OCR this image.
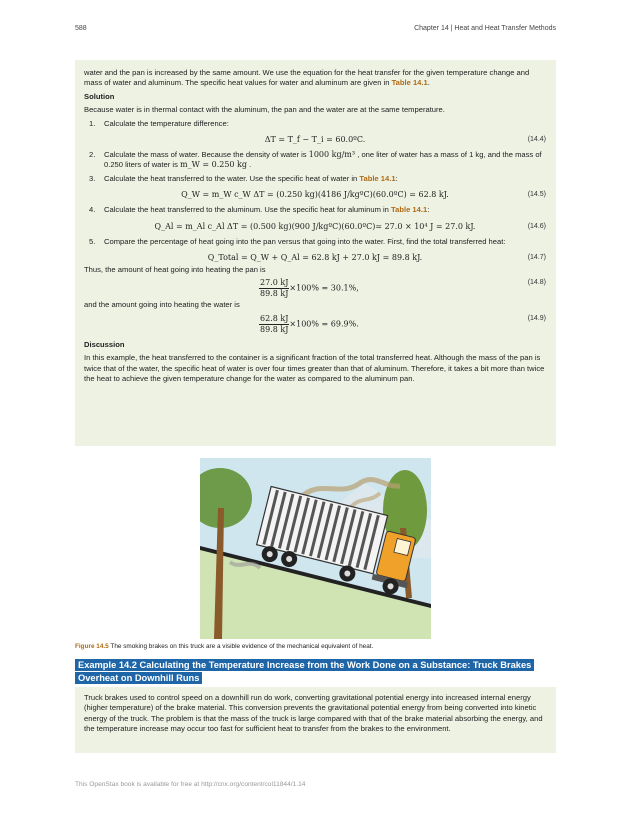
588	Chapter 14 | Heat and Heat Transfer Methods

water and the pan is increased by the same amount. We use the equation for the heat transfer for the given temperature change and mass of water and aluminum. The specific heat values for water and aluminum are given in Table 14.1.

Solution

Because water is in thermal contact with the aluminum, the pan and the water are at the same temperature.

1. Calculate the temperature difference:
ΔT = T_f − T_i = 60.0ºC.	(14.4)
2. Calculate the mass of water. Because the density of water is 1000 kg/m³ , one liter of water has a mass of 1 kg, and the mass of 0.250 liters of water is m_W = 0.250 kg .
3. Calculate the heat transferred to the water. Use the specific heat of water in Table 14.1:
Q_W = m_W c_W ΔT = (0.250 kg)(4186 J/kgºC)(60.0ºC) = 62.8 kJ.	(14.5)
4. Calculate the heat transferred to the aluminum. Use the specific heat for aluminum in Table 14.1:
Q_Al = m_Al c_Al ΔT = (0.500 kg)(900 J/kgºC)(60.0ºC)= 27.0 × 10⁴ J = 27.0 kJ.	(14.6)
5. Compare the percentage of heat going into the pan versus that going into the water. First, find the total transferred heat:
Q_Total = Q_W + Q_Al = 62.8 kJ + 27.0 kJ = 89.8 kJ.	(14.7)

Thus, the amount of heat going into heating the pan is

$\frac{27.0 kJ}{89.8 kJ} \times 100\% = 30.1\%$,
(14.8)

and the amount going into heating the water is

$\frac{62.8 kJ}{89.8 kJ} \times 100\% = 69.9\%$.
(14.9)
Discussion

In this example, the heat transferred to the container is a significant fraction of the total transferred heat. Although the mass of the pan is twice that of the water, the specific heat of water is over four times greater than that of aluminum. Therefore, it takes a bit more than twice the heat to achieve the given temperature change for the water as compared to the aluminum pan.

Figure 14.5 The smoking brakes on this truck are a visible evidence of the mechanical equivalent of heat.
Example 14.2 Calculating the Temperature Increase from the Work Done on a Substance: Truck Brakes Overheat on Downhill Runs

Truck brakes used to control speed on a downhill run do work, converting gravitational potential energy into increased internal energy (higher temperature) of the brake material. This conversion prevents the gravitational potential energy from being converted into kinetic energy of the truck. The problem is that the mass of the truck is large compared with that of the brake material absorbing the energy, and the temperature increase may occur too fast for sufficient heat to transfer from the brakes to the environment.

This OpenStax book is available for free at http://cnx.org/content/col11844/1.14
